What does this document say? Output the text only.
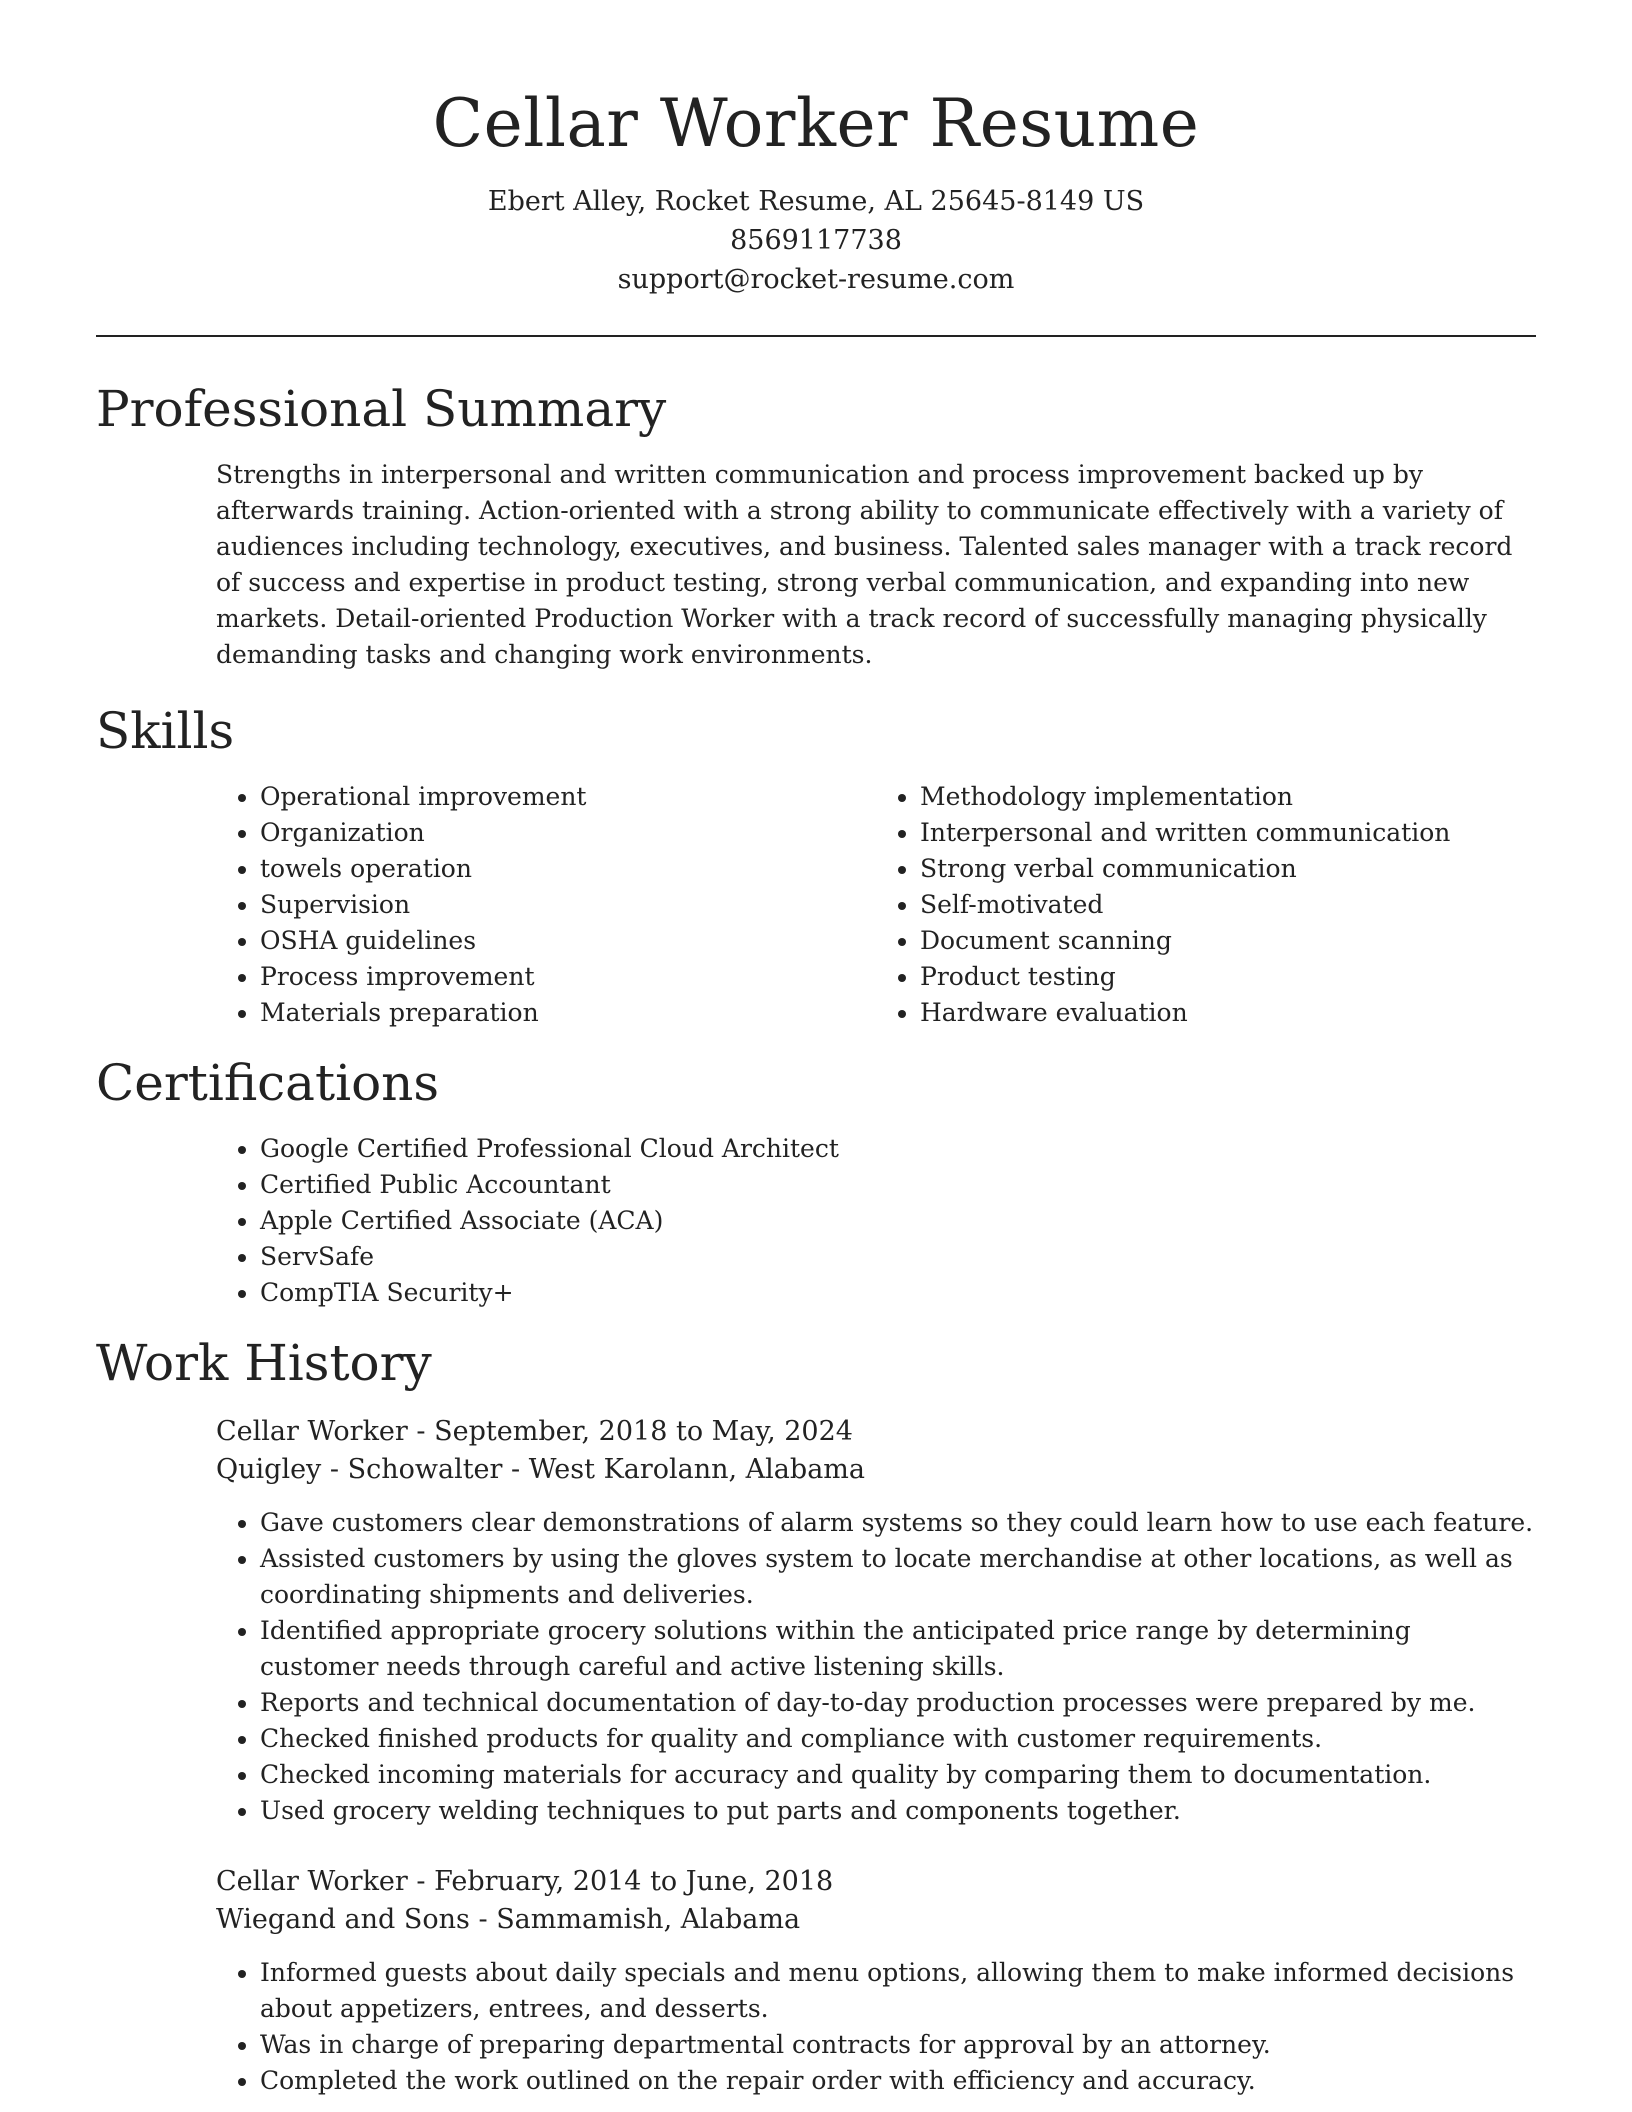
Cellar Worker Resume
Ebert Alley, Rocket Resume, AL 25645-8149 US
8569117738
support@rocket-resume.com
Professional Summary

Strengths in interpersonal and written communication and process improvement backed up by afterwards training. Action-oriented with a strong ability to communicate effectively with a variety of audiences including technology, executives, and business. Talented sales manager with a track record of success and expertise in product testing, strong verbal communication, and expanding into new markets. Detail-oriented Production Worker with a track record of successfully managing physically demanding tasks and changing work environments.

Skills
• Operational improvement
• Organization
• towels operation
• Supervision
• OSHA guidelines
• Process improvement
• Materials preparation
• Methodology implementation
• Interpersonal and written communication
• Strong verbal communication
• Self-motivated
• Document scanning
• Product testing
• Hardware evaluation
Certifications
• Google Certified Professional Cloud Architect
• Certified Public Accountant
• Apple Certified Associate (ACA)
• ServSafe
• CompTIA Security+
Work History
Cellar Worker - September, 2018 to May, 2024
Quigley - Schowalter - West Karolann, Alabama
• Gave customers clear demonstrations of alarm systems so they could learn how to use each feature.
• Assisted customers by using the gloves system to locate merchandise at other locations, as well as coordinating shipments and deliveries.
• Identified appropriate grocery solutions within the anticipated price range by determining customer needs through careful and active listening skills.
• Reports and technical documentation of day-to-day production processes were prepared by me.
• Checked finished products for quality and compliance with customer requirements.
• Checked incoming materials for accuracy and quality by comparing them to documentation.
• Used grocery welding techniques to put parts and components together.
Cellar Worker - February, 2014 to June, 2018
Wiegand and Sons - Sammamish, Alabama
• Informed guests about daily specials and menu options, allowing them to make informed decisions about appetizers, entrees, and desserts.
• Was in charge of preparing departmental contracts for approval by an attorney.
• Completed the work outlined on the repair order with efficiency and accuracy.
